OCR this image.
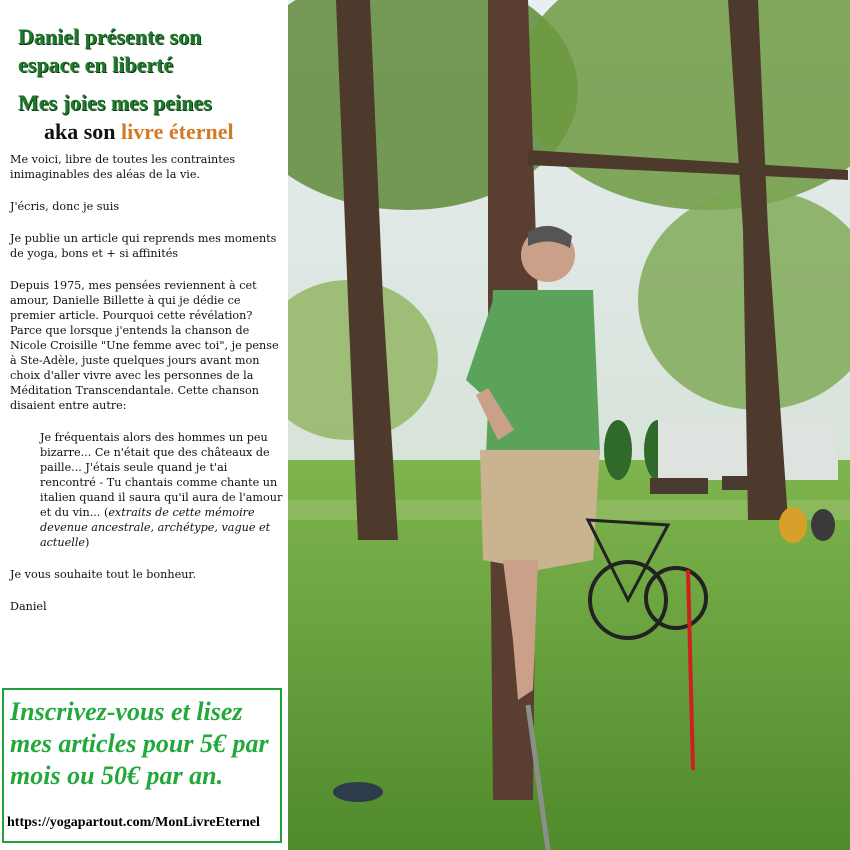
Daniel présente son
espace en liberté
Mes joies mes peines
aka son livre éternel

Me voici, libre de toutes les contraintes inimaginables des aléas de la vie.

J'écris, donc je suis

Je publie un article qui reprends mes moments de yoga, bons et + si affinités

Depuis 1975, mes pensées reviennent à cet amour, Danielle Billette à qui je dédie ce premier article. Pourquoi cette révélation? Parce que lorsque j'entends la chanson de Nicole Croisille "Une femme avec toi", je pense à Ste-Adèle, juste quelques jours avant mon choix d'aller vivre avec les personnes de la Méditation Transcendantale. Cette chanson disaient entre autre:

Je fréquentais alors des hommes un peu bizarre... Ce n'était que des châteaux de paille... J'étais seule quand je t'ai rencontré - Tu chantais comme chante un italien quand il saura qu'il aura de l'amour et du vin... (extraits de cette mémoire devenue ancestrale, archétype, vague et actuelle)

Je vous souhaite tout le bonheur.

Daniel

Inscrivez-vous et lisez mes articles pour 5€ par mois ou 50€ par an.
https://yogapartout.com/MonLivreEternel
